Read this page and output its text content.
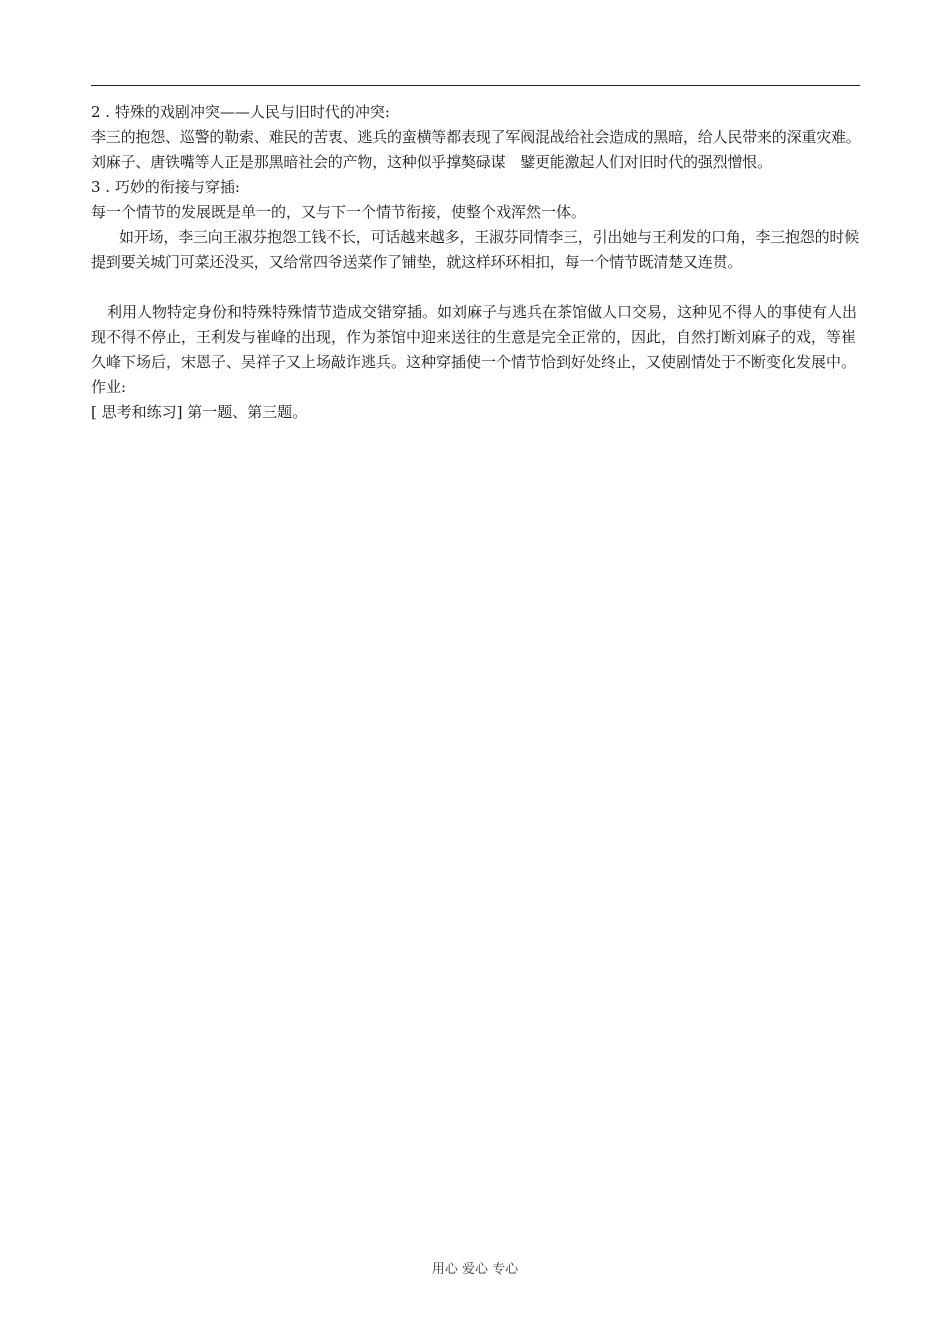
2 . 特殊的戏剧冲突——人民与旧时代的冲突:

李三的抱怨、巡警的勒索、难民的苦衷、逃兵的蛮横等都表现了军阀混战给社会造成的黑暗，给人民带来的深重灾难。刘麻子、唐铁嘴等人正是那黑暗社会的产物，这种似乎撑獒碌谋　鐾更能激起人们对旧时代的强烈憎恨。

3 . 巧妙的衔接与穿插:

每一个情节的发展既是单一的，又与下一个情节衔接，使整个戏浑然一体。

如开场，李三向王淑芬抱怨工钱不长，可话越来越多，王淑芬同情李三，引出她与王利发的口角，李三抱怨的时候提到要关城门可菜还没买，又给常四爷送菜作了铺垫，就这样环环相扣，每一个情节既清楚又连贯。

利用人物特定身份和特殊特殊情节造成交错穿插。如刘麻子与逃兵在茶馆做人口交易，这种见不得人的事使有人出现不得不停止，王利发与崔峰的出现，作为茶馆中迎来送往的生意是完全正常的，因此，自然打断刘麻子的戏，等崔久峰下场后，宋恩子、吴祥子又上场敲诈逃兵。这种穿插使一个情节恰到好处终止，又使剧情处于不断变化发展中。

作业:

[ 思考和练习] 第一题、第三题。

用心 爱心 专心
